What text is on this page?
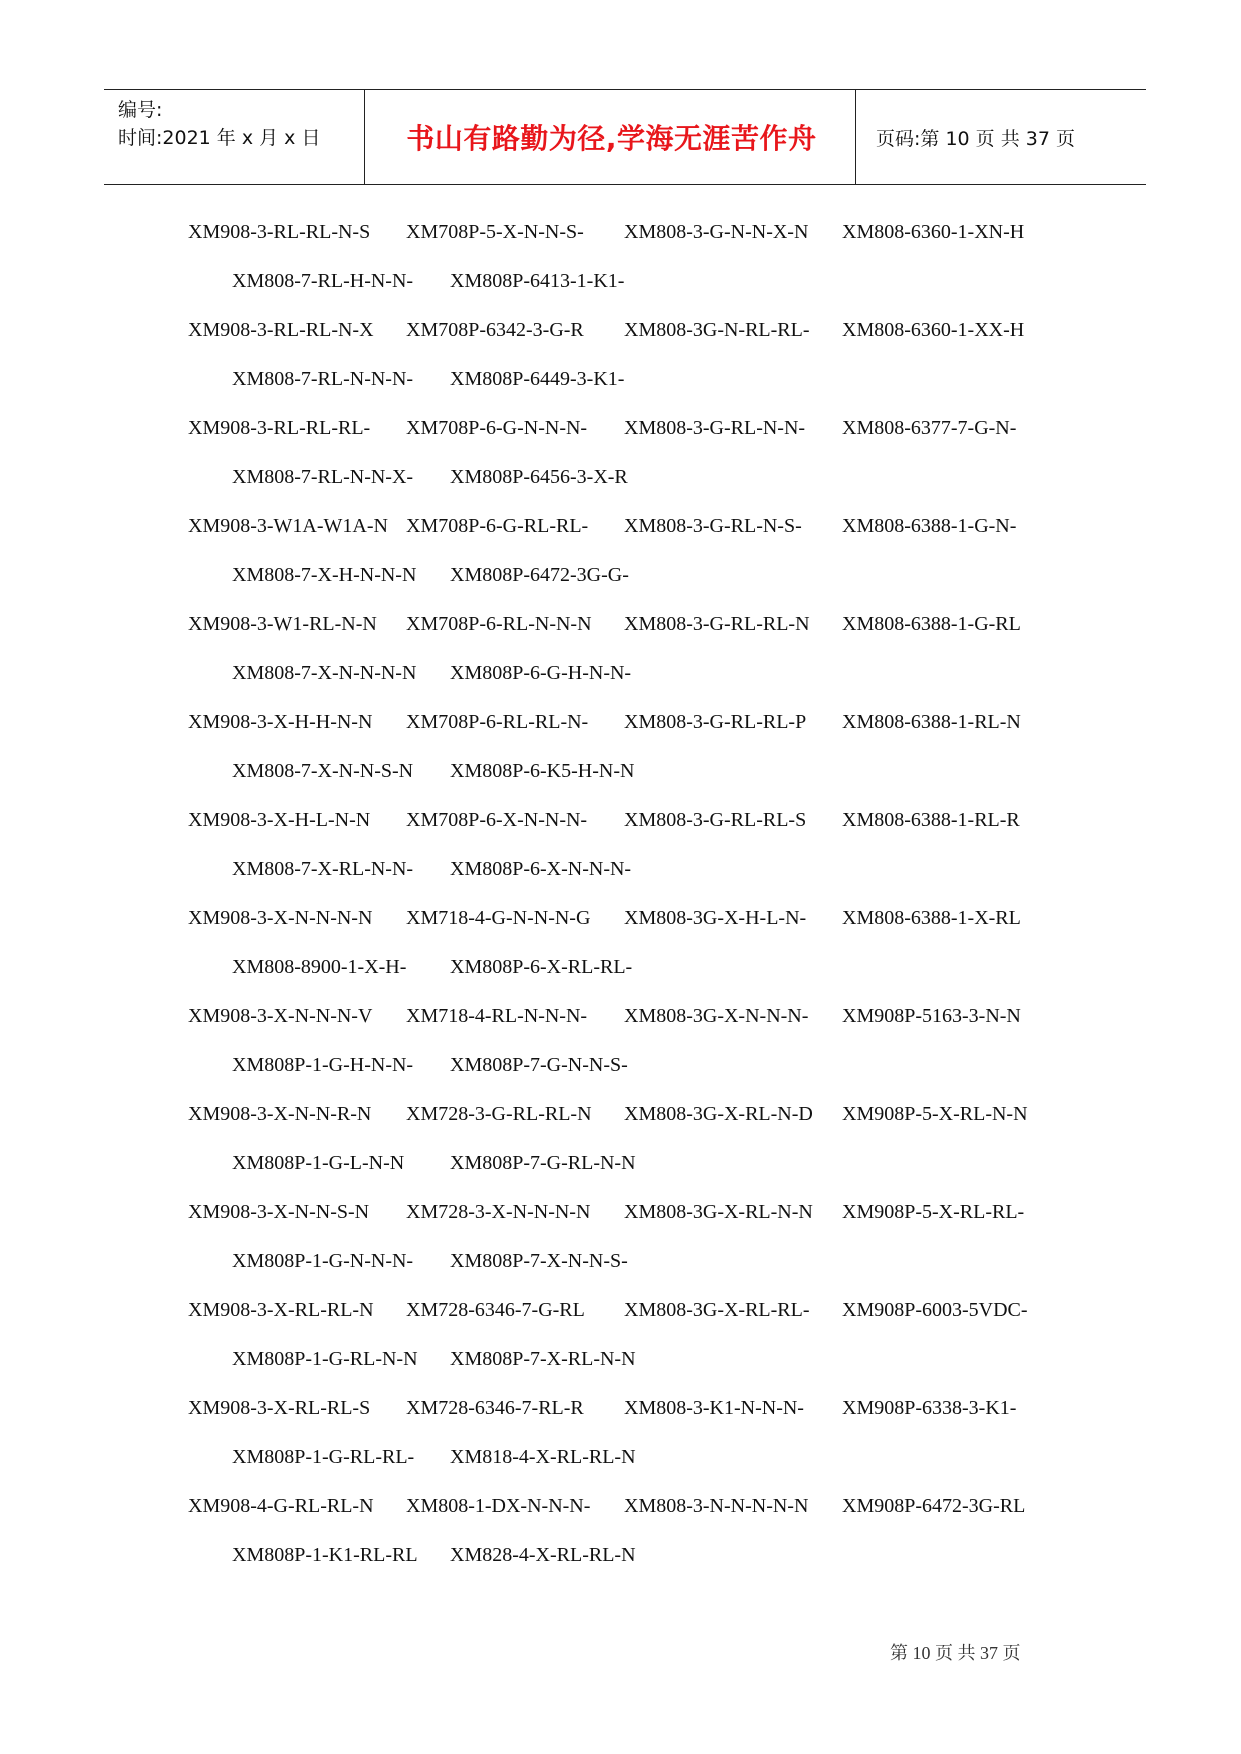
编号:
时间:2021 年 x 月 x 日	书山有路勤为径,学海无涯苦作舟	页码:第 10 页 共 37 页
XM908-3-RL-RL-N-S XM708P-5-X-N-N-S- XM808-3-G-N-N-X-N XM808-6360-1-XN-H
XM808-7-RL-H-N-N- XM808P-6413-1-K1-
XM908-3-RL-RL-N-X XM708P-6342-3-G-R XM808-3G-N-RL-RL- XM808-6360-1-XX-H
XM808-7-RL-N-N-N- XM808P-6449-3-K1-
XM908-3-RL-RL-RL- XM708P-6-G-N-N-N- XM808-3-G-RL-N-N- XM808-6377-7-G-N-
XM808-7-RL-N-N-X- XM808P-6456-3-X-R
XM908-3-W1A-W1A-N XM708P-6-G-RL-RL- XM808-3-G-RL-N-S- XM808-6388-1-G-N-
XM808-7-X-H-N-N-N XM808P-6472-3G-G-
XM908-3-W1-RL-N-N XM708P-6-RL-N-N-N XM808-3-G-RL-RL-N XM808-6388-1-G-RL
XM808-7-X-N-N-N-N XM808P-6-G-H-N-N-
XM908-3-X-H-H-N-N XM708P-6-RL-RL-N- XM808-3-G-RL-RL-P XM808-6388-1-RL-N
XM808-7-X-N-N-S-N XM808P-6-K5-H-N-N
XM908-3-X-H-L-N-N XM708P-6-X-N-N-N- XM808-3-G-RL-RL-S XM808-6388-1-RL-R
XM808-7-X-RL-N-N- XM808P-6-X-N-N-N-
XM908-3-X-N-N-N-N XM718-4-G-N-N-N-G XM808-3G-X-H-L-N- XM808-6388-1-X-RL
XM808-8900-1-X-H- XM808P-6-X-RL-RL-
XM908-3-X-N-N-N-V XM718-4-RL-N-N-N- XM808-3G-X-N-N-N- XM908P-5163-3-N-N
XM808P-1-G-H-N-N- XM808P-7-G-N-N-S-
XM908-3-X-N-N-R-N XM728-3-G-RL-RL-N XM808-3G-X-RL-N-D XM908P-5-X-RL-N-N
XM808P-1-G-L-N-N XM808P-7-G-RL-N-N
XM908-3-X-N-N-S-N XM728-3-X-N-N-N-N XM808-3G-X-RL-N-N XM908P-5-X-RL-RL-
XM808P-1-G-N-N-N- XM808P-7-X-N-N-S-
XM908-3-X-RL-RL-N XM728-6346-7-G-RL XM808-3G-X-RL-RL- XM908P-6003-5VDC-
XM808P-1-G-RL-N-N XM808P-7-X-RL-N-N
XM908-3-X-RL-RL-S XM728-6346-7-RL-R XM808-3-K1-N-N-N- XM908P-6338-3-K1-
XM808P-1-G-RL-RL- XM818-4-X-RL-RL-N
XM908-4-G-RL-RL-N XM808-1-DX-N-N-N- XM808-3-N-N-N-N-N XM908P-6472-3G-RL
XM808P-1-K1-RL-RL XM828-4-X-RL-RL-N
第 10 页 共 37 页
